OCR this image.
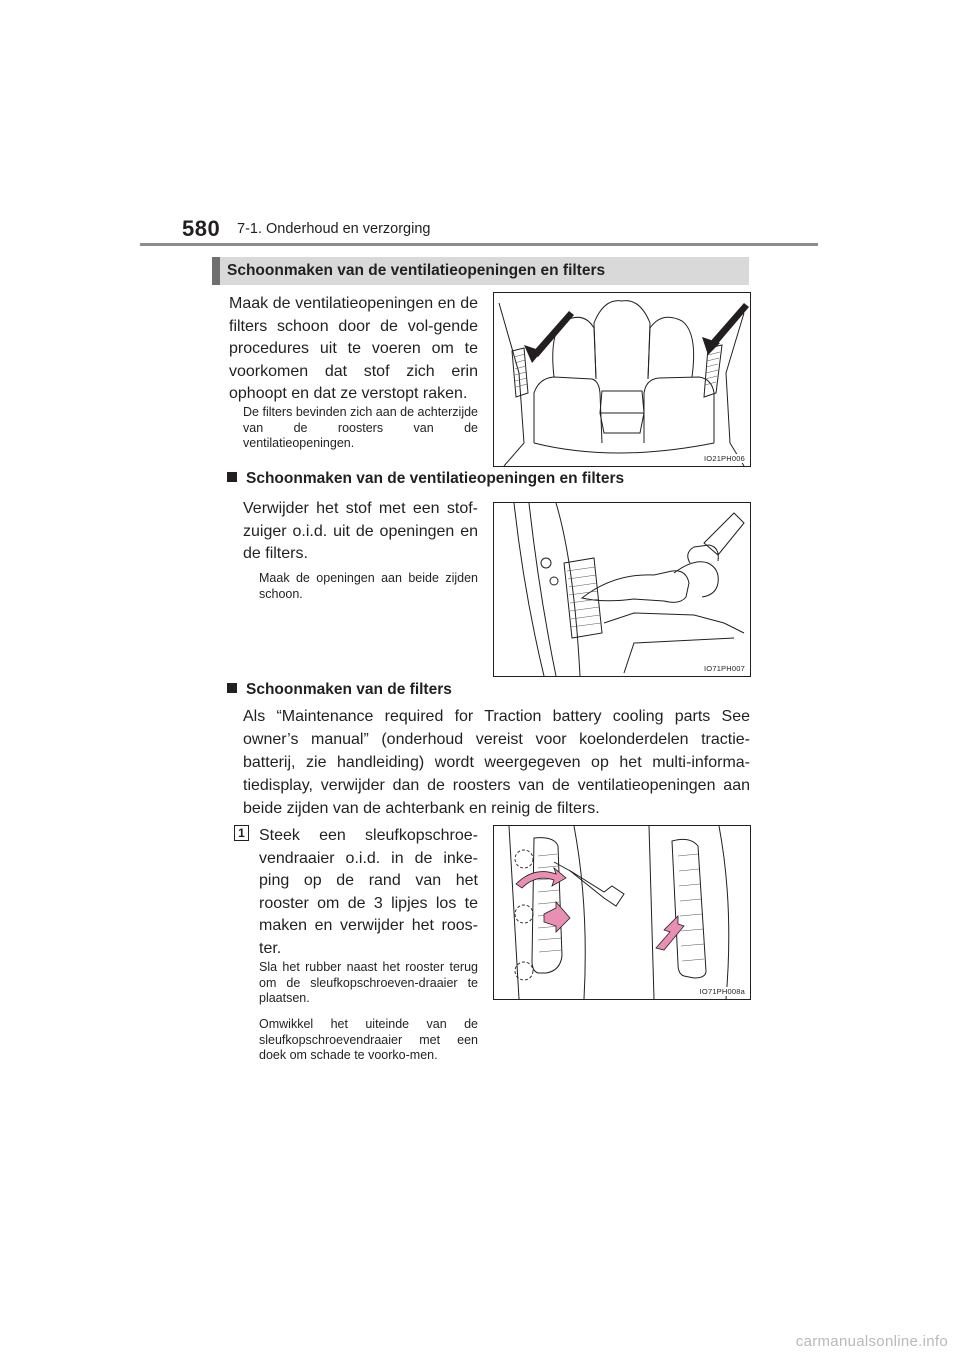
580 7-1. Onderhoud en verzorging
Schoonmaken van de ventilatieopeningen en filters
Maak de ventilatieopeningen en de filters schoon door de vol-gende procedures uit te voeren om te voorkomen dat stof zich erin ophoopt en dat ze verstopt raken.
De filters bevinden zich aan de achterzijde van de roosters van de ventilatieopeningen.
IO21PH006
Schoonmaken van de ventilatieopeningen en filters
Verwijder het stof met een stof-zuiger o.i.d. uit de openingen en de filters.
Maak de openingen aan beide zijden schoon.
IO71PH007
Schoonmaken van de filters
Als “Maintenance required for Traction battery cooling parts See owner’s manual” (onderhoud vereist voor koelonderdelen tractie-batterij, zie handleiding) wordt weergegeven op het multi-informa-tiedisplay, verwijder dan de roosters van de ventilatieopeningen aan beide zijden van de achterbank en reinig de filters.
1 Steek een sleufkopschroe-vendraaier o.i.d. in de inke-ping op de rand van het rooster om de 3 lipjes los te maken en verwijder het roos-ter.
Sla het rubber naast het rooster terug om de sleufkopschroeven-draaier te plaatsen.
Omwikkel het uiteinde van de sleufkopschroevendraaier met een doek om schade te voorko-men.
IO71PH008a
carmanualsonline.info
